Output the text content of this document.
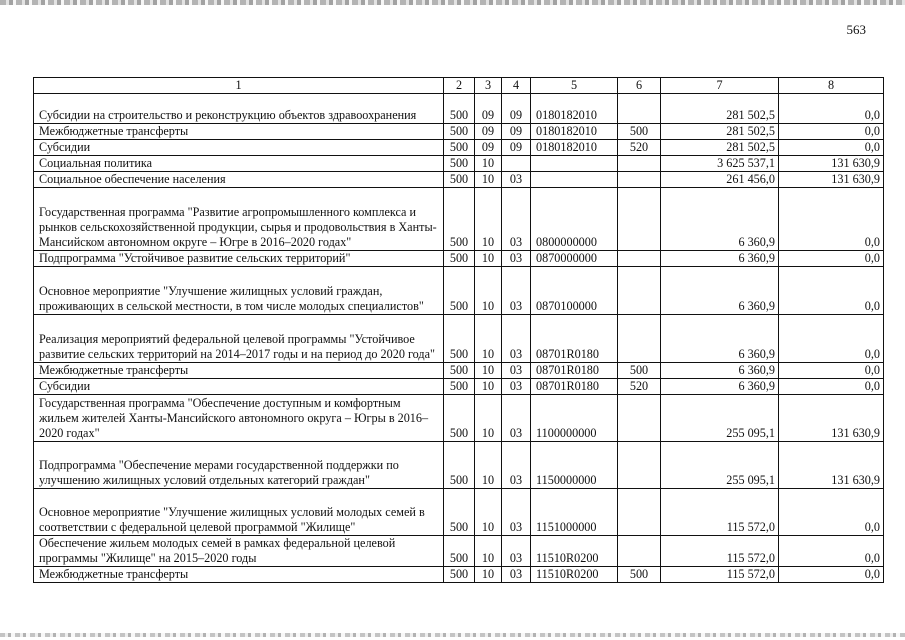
563
1	2	3	4	5	6	7	8
Субсидии на строительство и реконструкцию объектов здравоохранения	500	09	09	0180182010		281 502,5	0,0
Межбюджетные трансферты	500	09	09	0180182010	500	281 502,5	0,0
Субсидии	500	09	09	0180182010	520	281 502,5	0,0
Социальная политика	500	10				3 625 537,1	131 630,9
Социальное обеспечение населения	500	10	03			261 456,0	131 630,9
Государственная программа "Развитие агропромышленного комплекса и рынков сельскохозяйственной продукции, сырья и продовольствия в Ханты-Мансийском автономном округе – Югре в 2016–2020 годах"	500	10	03	0800000000		6 360,9	0,0
Подпрограмма "Устойчивое развитие сельских территорий"	500	10	03	0870000000		6 360,9	0,0
Основное мероприятие "Улучшение жилищных условий граждан, проживающих в сельской местности, в том числе молодых специалистов"	500	10	03	0870100000		6 360,9	0,0
Реализация мероприятий федеральной целевой программы "Устойчивое развитие сельских территорий на 2014–2017 годы и на период до 2020 года"	500	10	03	08701R0180		6 360,9	0,0
Межбюджетные трансферты	500	10	03	08701R0180	500	6 360,9	0,0
Субсидии	500	10	03	08701R0180	520	6 360,9	0,0
Государственная программа "Обеспечение доступным и комфортным жильем жителей Ханты-Мансийского автономного округа – Югры в 2016–2020 годах"	500	10	03	1100000000		255 095,1	131 630,9
Подпрограмма "Обеспечение мерами государственной поддержки по улучшению жилищных условий отдельных категорий граждан"	500	10	03	1150000000		255 095,1	131 630,9
Основное мероприятие "Улучшение жилищных условий молодых семей в соответствии с федеральной целевой программой "Жилище"	500	10	03	1151000000		115 572,0	0,0
Обеспечение жильем молодых семей в рамках федеральной целевой программы "Жилище" на 2015–2020 годы	500	10	03	11510R0200		115 572,0	0,0
Межбюджетные трансферты	500	10	03	11510R0200	500	115 572,0	0,0
